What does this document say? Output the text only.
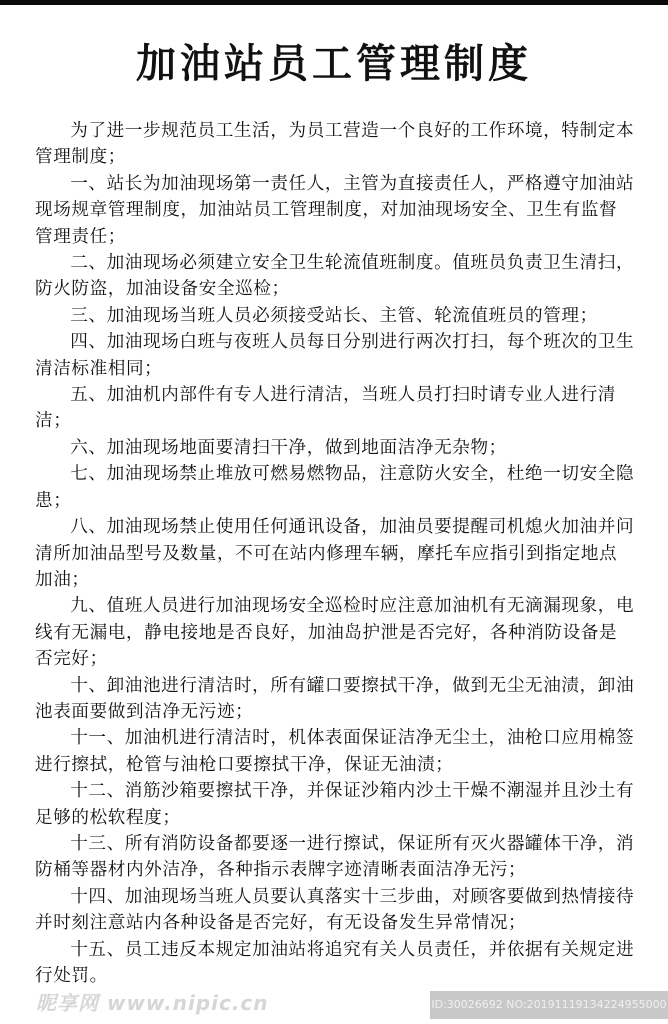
加油站员工管理制度

为了进一步规范员工生活，为员工营造一个良好的工作环境，特制定本管理制度；

一、站长为加油现场第一责任人，主管为直接责任人，严格遵守加油站现场规章管理制度，加油站员工管理制度，对加油现场安全、卫生有监督管理责任；

二、加油现场必须建立安全卫生轮流值班制度。值班员负责卫生清扫，防火防盗，加油设备安全巡检；

三、加油现场当班人员必须接受站长、主管、轮流值班员的管理；

四、加油现场白班与夜班人员每日分别进行两次打扫，每个班次的卫生清洁标准相同；

五、加油机内部件有专人进行清洁，当班人员打扫时请专业人进行清洁；

六、加油现场地面要清扫干净，做到地面洁净无杂物；

七、加油现场禁止堆放可燃易燃物品，注意防火安全，杜绝一切安全隐患；

八、加油现场禁止使用任何通讯设备，加油员要提醒司机熄火加油并问清所加油品型号及数量，不可在站内修理车辆，摩托车应指引到指定地点加油；

九、值班人员进行加油现场安全巡检时应注意加油机有无滴漏现象，电线有无漏电，静电接地是否良好，加油岛护泄是否完好，各种消防设备是否完好；

十、卸油池进行清洁时，所有罐口要擦拭干净，做到无尘无油渍，卸油池表面要做到洁净无污迹；

十一、加油机进行清洁时，机体表面保证洁净无尘土，油枪口应用棉签进行擦拭，枪管与油枪口要擦拭干净，保证无油渍；

十二、消筋沙箱要擦拭干净，并保证沙箱内沙土干燥不潮湿并且沙土有足够的松软程度；

十三、所有消防设备都要逐一进行擦试，保证所有灭火器罐体干净，消防桶等器材内外洁净，各种指示表牌字迹清晰表面洁净无污；

十四、加油现场当班人员要认真落实十三步曲，对顾客要做到热情接待并时刻注意站内各种设备是否完好，有无设备发生异常情况；

十五、员工违反本规定加油站将追究有关人员责任，并依据有关规定进行处罚。

昵享网 www.nipic.cn	ID:30026692 NO:20191119134224955000
